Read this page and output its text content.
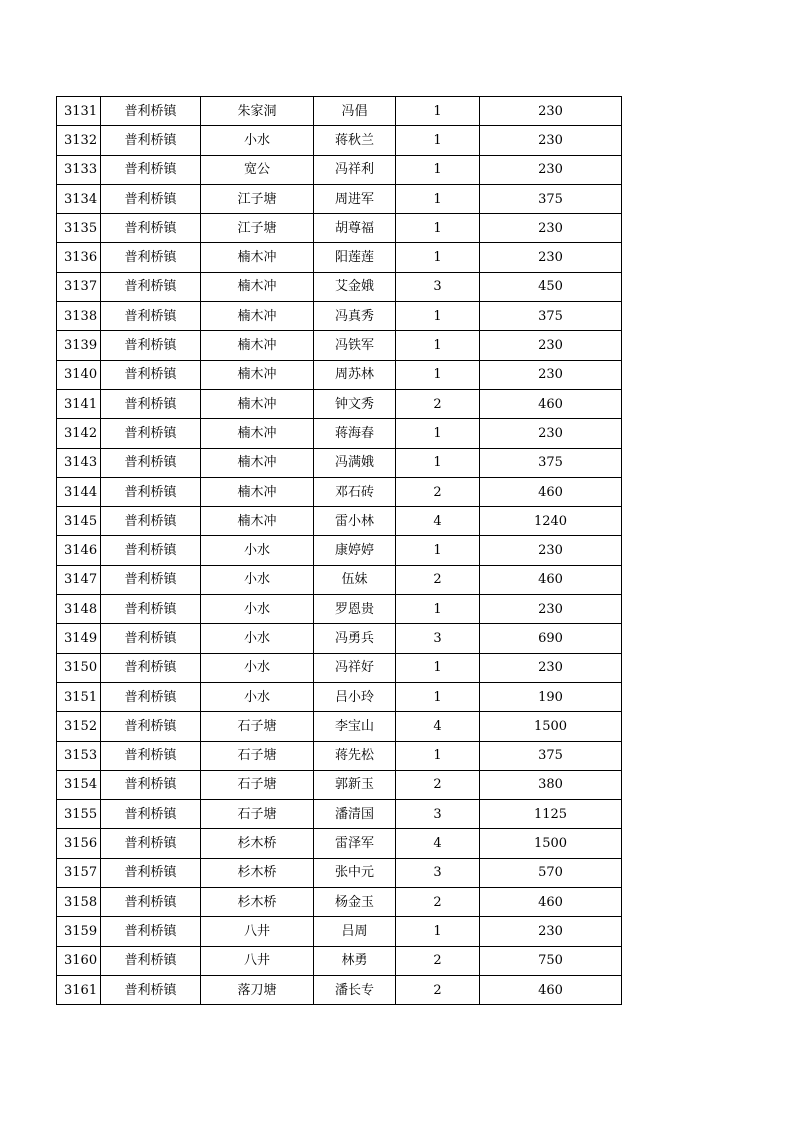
3131	普利桥镇	朱家洞	冯倡	1	230
3132	普利桥镇	小水	蒋秋兰	1	230
3133	普利桥镇	宽公	冯祥利	1	230
3134	普利桥镇	江子塘	周进军	1	375
3135	普利桥镇	江子塘	胡尊福	1	230
3136	普利桥镇	楠木冲	阳莲莲	1	230
3137	普利桥镇	楠木冲	艾金娥	3	450
3138	普利桥镇	楠木冲	冯真秀	1	375
3139	普利桥镇	楠木冲	冯铁军	1	230
3140	普利桥镇	楠木冲	周苏林	1	230
3141	普利桥镇	楠木冲	钟文秀	2	460
3142	普利桥镇	楠木冲	蒋海春	1	230
3143	普利桥镇	楠木冲	冯满娥	1	375
3144	普利桥镇	楠木冲	邓石砖	2	460
3145	普利桥镇	楠木冲	雷小林	4	1240
3146	普利桥镇	小水	康婷婷	1	230
3147	普利桥镇	小水	伍妹	2	460
3148	普利桥镇	小水	罗恩贵	1	230
3149	普利桥镇	小水	冯勇兵	3	690
3150	普利桥镇	小水	冯祥好	1	230
3151	普利桥镇	小水	吕小玲	1	190
3152	普利桥镇	石子塘	李宝山	4	1500
3153	普利桥镇	石子塘	蒋先松	1	375
3154	普利桥镇	石子塘	郭新玉	2	380
3155	普利桥镇	石子塘	潘清国	3	1125
3156	普利桥镇	杉木桥	雷泽军	4	1500
3157	普利桥镇	杉木桥	张中元	3	570
3158	普利桥镇	杉木桥	杨金玉	2	460
3159	普利桥镇	八井	吕周	1	230
3160	普利桥镇	八井	林勇	2	750
3161	普利桥镇	落刀塘	潘长专	2	460
